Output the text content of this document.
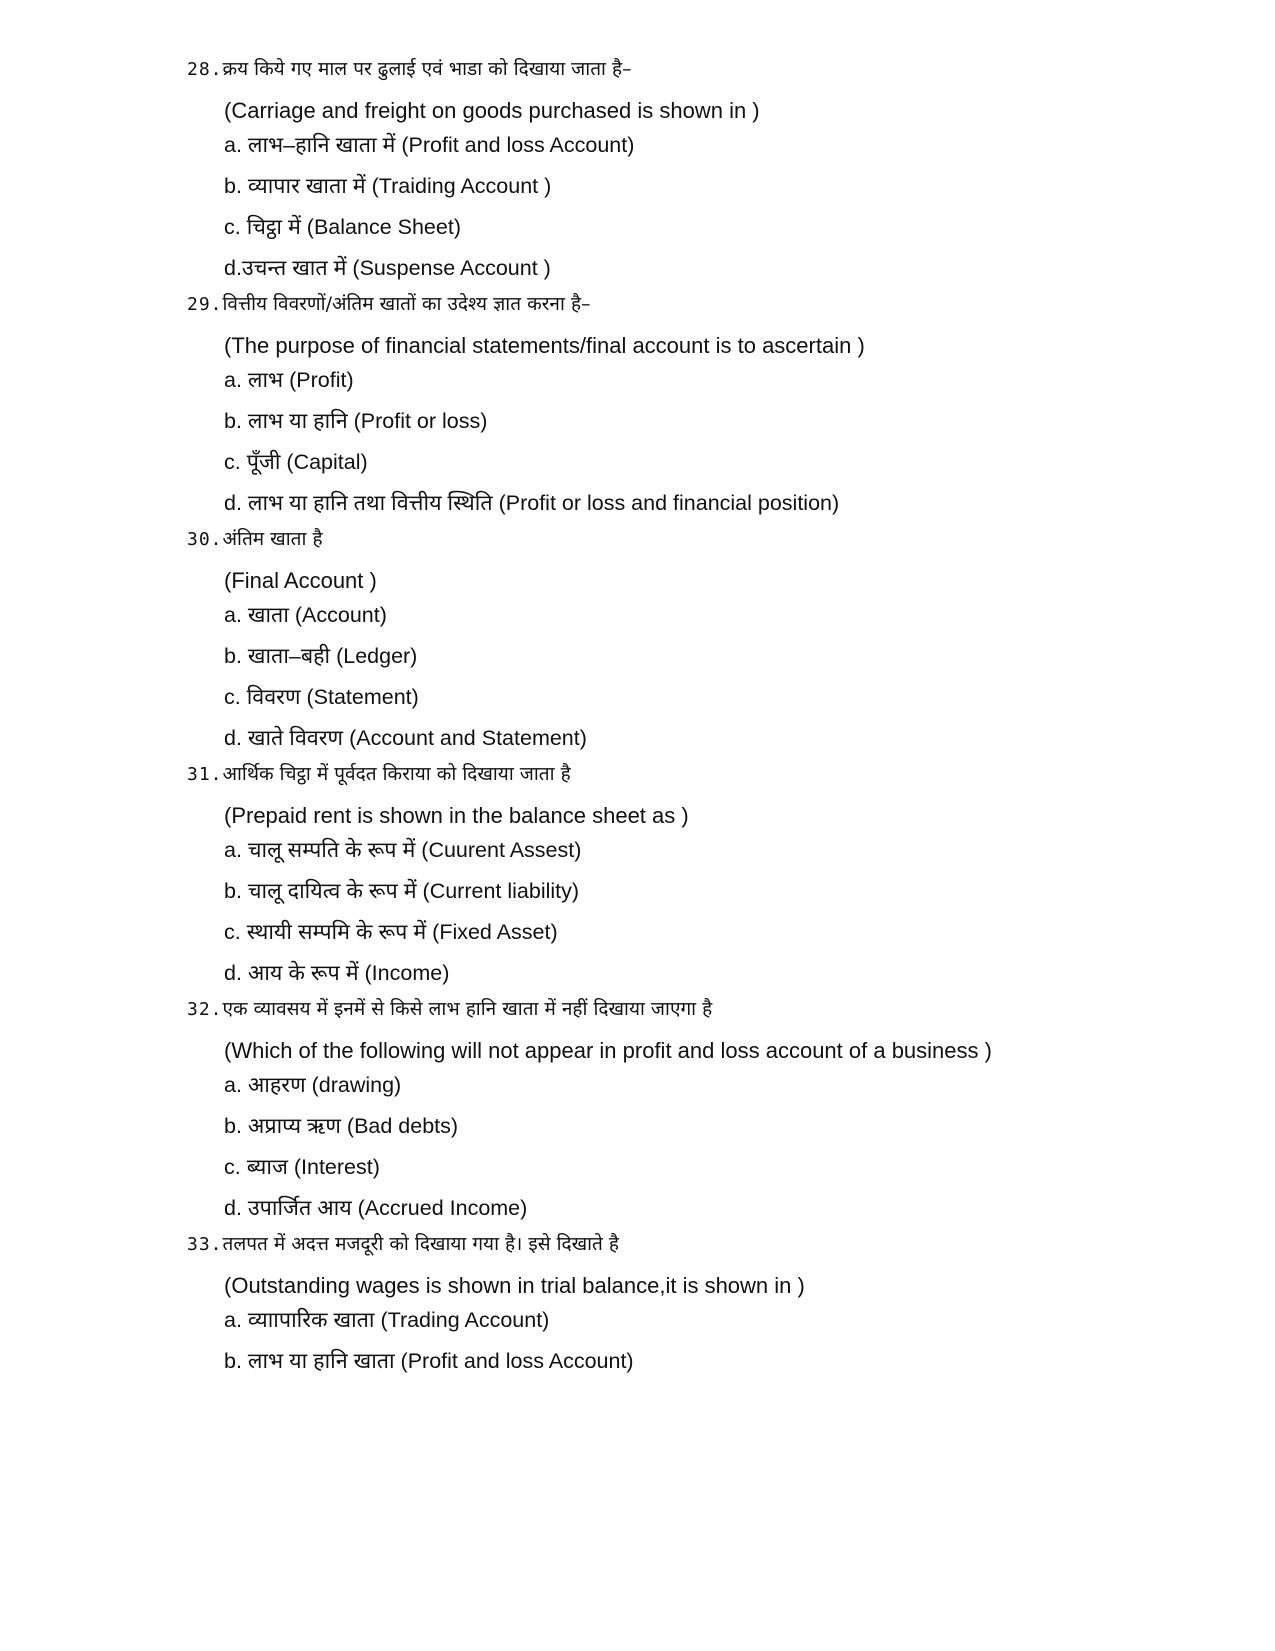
28. क्रय किये गए माल पर ढुलाई एवं भाडा को दिखाया जाता है–
(Carriage and freight on goods purchased is shown in )
a. लाभ–हानि खाता में (Profit and loss Account)
b. व्यापार खाता में (Traiding Account )
c. चिट्ठा में (Balance Sheet)
d.उचन्त खात में (Suspense Account )
29. वित्तीय विवरणों/अंतिम खातों का उदेश्य ज्ञात करना है–
(The purpose of financial statements/final account is to ascertain )
a. लाभ (Profit)
b. लाभ या हानि (Profit or loss)
c. पूँजी (Capital)
d. लाभ या हानि तथा वित्तीय स्थिति (Profit or loss and financial position)
30. अंतिम खाता है
(Final Account )
a. खाता (Account)
b. खाता–बही (Ledger)
c. विवरण (Statement)
d. खाते विवरण (Account and Statement)
31. आर्थिक चिट्ठा में पूर्वदत किराया को दिखाया जाता है
(Prepaid rent is shown in the balance sheet as )
a. चालू सम्पति के रूप में (Cuurent Assest)
b. चालू दायित्व के रूप में (Current liability)
c. स्थायी सम्पमि के रूप में (Fixed Asset)
d. आय के रूप में (Income)
32. एक व्यावसय में इनमें से किसे लाभ हानि खाता में नहीं दिखाया जाएगा है
(Which of the following will not appear in profit and loss account of a business )
a. आहरण (drawing)
b. अप्राप्य ऋण (Bad debts)
c. ब्याज (Interest)
d. उपार्जित आय (Accrued Income)
33. तलपत में अदत्त मजदूरी को दिखाया गया है। इसे दिखाते है
(Outstanding wages is shown in trial balance,it is shown in )
a. व्याापारिक खाता (Trading Account)
b. लाभ या हानि खाता (Profit and loss Account)
